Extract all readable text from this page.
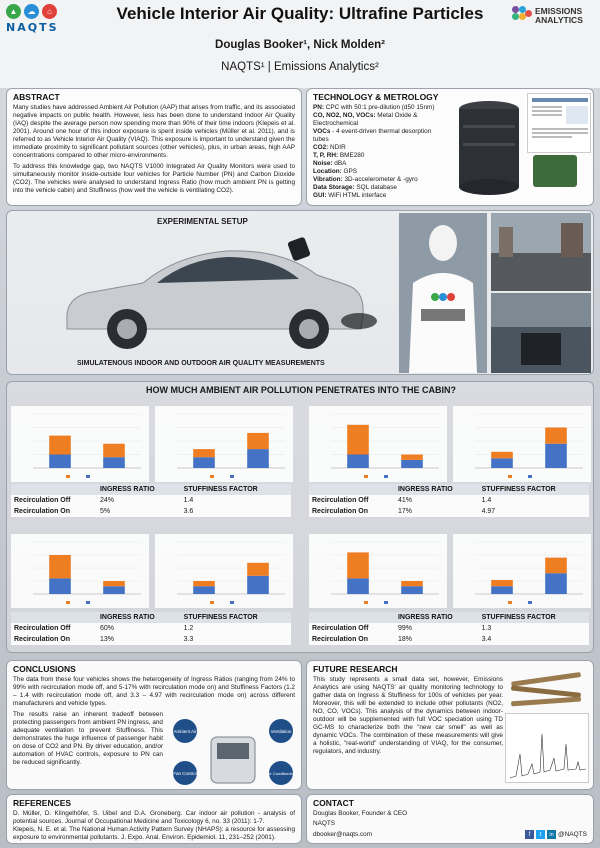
▲	☁	⌂
NAQTS
Vehicle Interior Air Quality: Ultrafine Particles	EMISSIONS
ANALYTICS
Douglas Booker¹, Nick Molden²
NAQTS¹ | Emissions Analytics²
ABSTRACT

Many studies have addressed Ambient Air Pollution (AAP) that arises from traffic, and its associated negative impacts on public health. However, less has been done to understand Indoor Air Quality (IAQ) despite the average person now spending more than 90% of their time indoors (Klepeis et al. 2001). Around one hour of this indoor exposure is spent inside vehicles (Müller et al. 2011), and is referred to as Vehicle Interior Air Quality (VIAQ). This exposure is important to understand given the immediate proximity to significant pollutant sources (other vehicles), plus, in urban areas, high AAP concentrations compared to other micro-environments.

To address this knowledge gap, two NAQTS V1000 Integrated Air Quality Monitors were used to simultaneously monitor inside-outside four vehicles for Particle Number (PN) and Carbon Dioxide (CO2). The vehicles were analysed to understand Ingress Ratio (how much ambient PN is getting into the vehicle cabin) and Stuffiness (how well the vehicle is ventilating CO2).

TECHNOLOGY & METROLOGY
PN: CPC with 50:1 pre-dilution (d50 15nm)
CO, NO2, NO, VOCs: Metal Oxide & Electrochemical
VOCs - 4 event-driven thermal desorption tubes
CO2: NDIR
T, P, RH: BME280
Noise: dBA
Location: GPS
Vibration: 3D-accelerometer & -gyro
Data Storage: SQL database
GUI: WiFi HTML interface
EXPERIMENTAL SETUP
SIMULATENOUS INDOOR AND OUTDOOR AIR QUALITY MEASUREMENTS
HOW MUCH AMBIENT AIR POLLUTION PENETRATES INTO THE CABIN?
	INGRESS RATIO	STUFFINESS FACTOR
Recirculation Off	24%	1.4
Recirculation On	5%	3.6
	INGRESS RATIO	STUFFINESS FACTOR
Recirculation Off	41%	1.4
Recirculation On	17%	4.97
	INGRESS RATIO	STUFFINESS FACTOR
Recirculation Off	60%	1.2
Recirculation On	13%	3.3
	INGRESS RATIO	STUFFINESS FACTOR
Recirculation Off	99%	1.3
Recirculation On	18%	3.4
CONCLUSIONS

The data from these four vehicles shows the heterogeneity of Ingress Ratios (ranging from 24% to 99% with recirculation mode off, and 5-17% with recirculation mode on) and Stuffiness Factors (1.2 – 1.4 with recirculation mode off, and 3.3 – 4.97 with recirculation mode on) across different manufacturers and vehicle types.

The results raise an inherent tradeoff between protecting passengers from ambient PN ingress, and adequate ventilation to prevent Stuffiness. This demonstrates the huge influence of passenger habit on dose of CO2 and PN. By driver education, and/or automation of HVAC controls, exposure to PN can be reduced significantly.

Ambient Air	Ventilation
Fan Control	Air Conditioning
FUTURE RESEARCH

This study represents a small data set, however, Emissions Analytics are using NAQTS' air quality monitoring technology to gather data on Ingress & Stuffiness for 100s of vehicles per year. Moreover, this will be extended to include other pollutants (NO2, NO, CO, VOCs). This analysis of the dynamics between indoor-outdoor will be supplemented with full VOC speciation using TD GC-MS to characterize both the "new car smell" as well as dynamic VOCs. The combination of these measurements will give a holistic, "real-world" understanding of VIAQ, for the consumer, regulators, and industry.

REFERENCES

D. Müller, D. Klingelhöfer, S. Uibel and D.A. Groneberg. Car indoor air pollution - analysis of potential sources. Journal of Occupational Medicine and Toxicology 6, no. 33 (2011): 1-7.

Klepeis, N. E. et al. The National Human Activity Pattern Survey (NHAPS): a resource for assessing exposure to environmental pollutants. J. Expo. Anal. Environ. Epidemiol. 11, 231–252 (2001).

CONTACT
Douglas Booker, Founder & CEO
NAQTS
dbooker@naqts.com	f	t	in @NAQTS
